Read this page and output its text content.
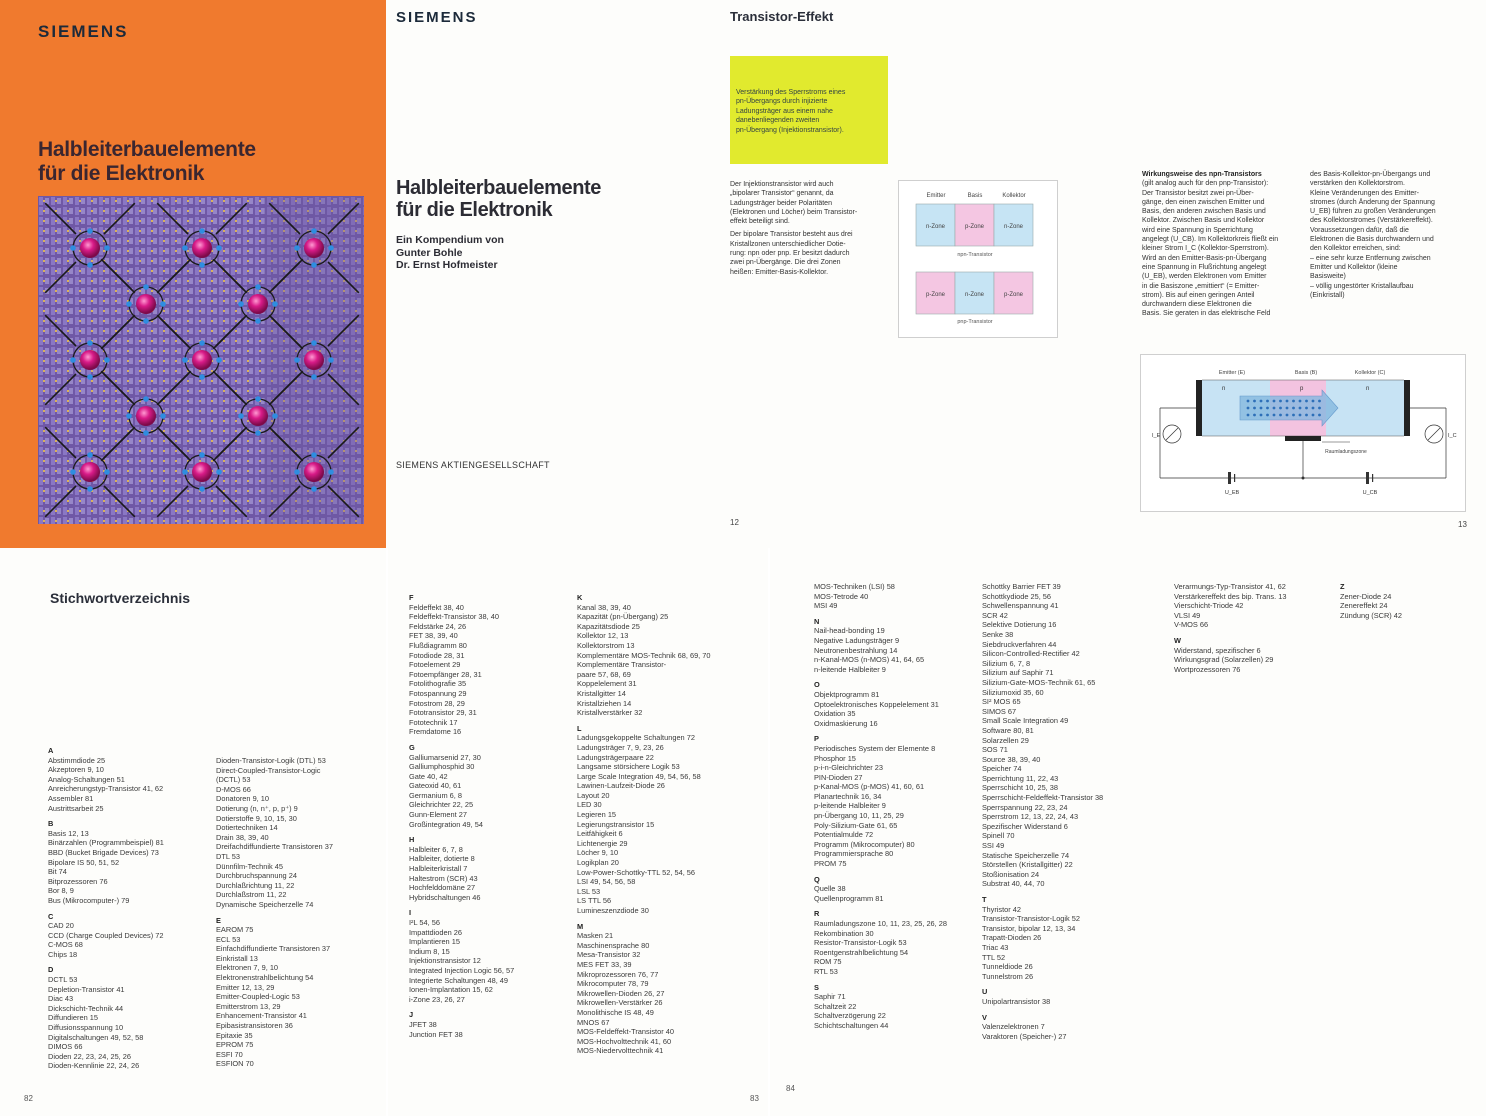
SIEMENS
Halbleiterbauelemente
für die Elektronik
SIEMENS
Halbleiterbauelemente
für die Elektronik
Ein Kompendium von
Gunter Bohle
Dr. Ernst Hofmeister
SIEMENS AKTIENGESELLSCHAFT
Transistor-Effekt
Verstärkung des Sperrstroms eines
pn-Übergangs durch injizierte
Ladungsträger aus einem nahe
danebenliegenden zweiten
pn-Übergang (Injektionstransistor).
Der Injektionstransistor wird auch
„bipolarer Transistor“ genannt, da
Ladungsträger beider Polaritäten
(Elektronen und Löcher) beim Transistor-
effekt beteiligt sind.
Der bipolare Transistor besteht aus drei
Kristallzonen unterschiedlicher Dotie-
rung: npn oder pnp. Er besitzt dadurch
zwei pn-Übergänge. Die drei Zonen
heißen: Emitter-Basis-Kollektor.
Emitter	Basis	Kollektor
n-Zone	p-Zone	n-Zone
npn-Transistor
p-Zone	n-Zone	p-Zone
pnp-Transistor
12
Wirkungsweise des npn-Transistors
(gilt analog auch für den pnp-Transistor):
Der Transistor besitzt zwei pn-Über-
gänge, den einen zwischen Emitter und
Basis, den anderen zwischen Basis und
Kollektor. Zwischen Basis und Kollektor
wird eine Spannung in Sperrichtung
angelegt (U_CB). Im Kollektorkreis fließt ein
kleiner Strom I_C (Kollektor-Sperrstrom).
Wird an den Emitter-Basis-pn-Übergang
eine Spannung in Flußrichtung angelegt
(U_EB), werden Elektronen vom Emitter
in die Basiszone „emittiert“ (= Emitter-
strom). Bis auf einen geringen Anteil
durchwandern diese Elektronen die
Basis. Sie geraten in das elektrische Feld
des Basis-Kollektor-pn-Übergangs und
verstärken den Kollektorstrom.
Kleine Veränderungen des Emitter-
stromes (durch Änderung der Spannung
U_EB) führen zu großen Veränderungen
des Kollektorstromes (Verstärkereffekt).
Voraussetzungen dafür, daß die
Elektronen die Basis durchwandern und
den Kollektor erreichen, sind:
– eine sehr kurze Entfernung zwischen
Emitter und Kollektor (kleine
Basisweite)
– völlig ungestörter Kristallaufbau
(Einkristall)
Emitter (E)	Basis (B)	Kollektor (C)
n	p	n
Raumladungszone
I_E	I_C
U_EB	U_CB
13
Stichwortverzeichnis
A
Abstimmdiode 25
Akzeptoren 9, 10
Analog-Schaltungen 51
Anreicherungstyp-Transistor 41, 62
Assembler 81
Austrittsarbeit 25
B
Basis 12, 13
Binärzahlen (Programmbeispiel) 81
BBD (Bucket Brigade Devices) 73
Bipolare IS 50, 51, 52
Bit 74
Bitprozessoren 76
Bor 8, 9
Bus (Mikrocomputer-) 79
C
CAD 20
CCD (Charge Coupled Devices) 72
C-MOS 68
Chips 18
D
DCTL 53
Depletion-Transistor 41
Diac 43
Dickschicht-Technik 44
Diffundieren 15
Diffusionsspannung 10
Digitalschaltungen 49, 52, 58
DIMOS 66
Dioden 22, 23, 24, 25, 26
Dioden-Kennlinie 22, 24, 26
Dioden-Transistor-Logik (DTL) 53
Direct-Coupled-Transistor-Logic
(DCTL) 53
D-MOS 66
Donatoren 9, 10
Dotierung (n, n⁺, p, p⁺) 9
Dotierstoffe 9, 10, 15, 30
Dotiertechniken 14
Drain 38, 39, 40
Dreifachdiffundierte Transistoren 37
DTL 53
Dünnfilm-Technik 45
Durchbruchspannung 24
Durchlaßrichtung 11, 22
Durchlaßstrom 11, 22
Dynamische Speicherzelle 74
E
EAROM 75
ECL 53
Einfachdiffundierte Transistoren 37
Einkristall 13
Elektronen 7, 9, 10
Elektronenstrahlbelichtung 54
Emitter 12, 13, 29
Emitter-Coupled-Logic 53
Emitterstrom 13, 29
Enhancement-Transistor 41
Epibasistransistoren 36
Epitaxie 35
EPROM 75
ESFI 70
ESFION 70
82
F
Feldeffekt 38, 40
Feldeffekt-Transistor 38, 40
Feldstärke 24, 26
FET 38, 39, 40
Flußdiagramm 80
Fotodiode 28, 31
Fotoelement 29
Fotoempfänger 28, 31
Fotolithografie 35
Fotospannung 29
Fotostrom 28, 29
Fototransistor 29, 31
Fototechnik 17
Fremdatome 16
G
Galliumarsenid 27, 30
Galliumphosphid 30
Gate 40, 42
Gateoxid 40, 61
Germanium 6, 8
Gleichrichter 22, 25
Gunn-Element 27
Großintegration 49, 54
H
Halbleiter 6, 7, 8
Halbleiter, dotierte 8
Halbleiterkristall 7
Haltestrom (SCR) 43
Hochfelddomäne 27
Hybridschaltungen 46
I
I²L 54, 56
Impattdioden 26
Implantieren 15
Indium 8, 15
Injektionstransistor 12
Integrated Injection Logic 56, 57
Integrierte Schaltungen 48, 49
Ionen-Implantation 15, 62
i-Zone 23, 26, 27
J
JFET 38
Junction FET 38
K
Kanal 38, 39, 40
Kapazität (pn-Übergang) 25
Kapazitätsdiode 25
Kollektor 12, 13
Kollektorstrom 13
Komplementäre MOS-Technik 68, 69, 70
Komplementäre Transistor-
paare 57, 68, 69
Koppelelement 31
Kristallgitter 14
Kristallziehen 14
Kristallverstärker 32
L
Ladungsgekoppelte Schaltungen 72
Ladungsträger 7, 9, 23, 26
Ladungsträgerpaare 22
Langsame störsichere Logik 53
Large Scale Integration 49, 54, 56, 58
Lawinen-Laufzeit-Diode 26
Layout 20
LED 30
Legieren 15
Legierungstransistor 15
Leitfähigkeit 6
Lichtenergie 29
Löcher 9, 10
Logikplan 20
Low-Power-Schottky-TTL 52, 54, 56
LSI 49, 54, 56, 58
LSL 53
LS TTL 56
Lumineszenzdiode 30
M
Masken 21
Maschinensprache 80
Mesa-Transistor 32
MES FET 33, 39
Mikroprozessoren 76, 77
Mikrocomputer 78, 79
Mikrowellen-Dioden 26, 27
Mikrowellen-Verstärker 26
Monolithische IS 48, 49
MNOS 67
MOS-Feldeffekt-Transistor 40
MOS-Hochvolttechnik 41, 60
MOS-Niedervolttechnik 41
83
MOS-Techniken (LSI) 58
MOS-Tetrode 40
MSI 49
N
Nail-head-bonding 19
Negative Ladungsträger 9
Neutronenbestrahlung 14
n-Kanal-MOS (n-MOS) 41, 64, 65
n-leitende Halbleiter 9
O
Objektprogramm 81
Optoelektronisches Koppelelement 31
Oxidation 35
Oxidmaskierung 16
P
Periodisches System der Elemente 8
Phosphor 15
p-i-n-Gleichrichter 23
PIN-Dioden 27
p-Kanal-MOS (p-MOS) 41, 60, 61
Planartechnik 16, 34
p-leitende Halbleiter 9
pn-Übergang 10, 11, 25, 29
Poly-Silizium-Gate 61, 65
Potentialmulde 72
Programm (Mikrocomputer) 80
Programmiersprache 80
PROM 75
Q
Quelle 38
Quellenprogramm 81
R
Raumladungszone 10, 11, 23, 25, 26, 28
Rekombination 30
Resistor-Transistor-Logik 53
Roentgenstrahlbelichtung 54
ROM 75
RTL 53
S
Saphir 71
Schaltzeit 22
Schaltverzögerung 22
Schichtschaltungen 44
Schottky Barrier FET 39
Schottkydiode 25, 56
Schwellenspannung 41
SCR 42
Selektive Dotierung 16
Senke 38
Siebdruckverfahren 44
Silicon-Controlled-Rectifier 42
Silizium 6, 7, 8
Silizium auf Saphir 71
Silizium-Gate-MOS-Technik 61, 65
Siliziumoxid 35, 60
SI² MOS 65
SIMOS 67
Small Scale Integration 49
Software 80, 81
Solarzellen 29
SOS 71
Source 38, 39, 40
Speicher 74
Sperrichtung 11, 22, 43
Sperrschicht 10, 25, 38
Sperrschicht-Feldeffekt-Transistor 38
Sperrspannung 22, 23, 24
Sperrstrom 12, 13, 22, 24, 43
Spezifischer Widerstand 6
Spinell 70
SSI 49
Statische Speicherzelle 74
Störstellen (Kristallgitter) 22
Stoßionisation 24
Substrat 40, 44, 70
T
Thyristor 42
Transistor-Transistor-Logik 52
Transistor, bipolar 12, 13, 34
Trapatt-Dioden 26
Triac 43
TTL 52
Tunneldiode 26
Tunnelstrom 26
U
Unipolartransistor 38
V
Valenzelektronen 7
Varaktoren (Speicher-) 27
Verarmungs-Typ-Transistor 41, 62
Verstärkereffekt des bip. Trans. 13
Vierschicht-Triode 42
VLSI 49
V-MOS 66
W
Widerstand, spezifischer 6
Wirkungsgrad (Solarzellen) 29
Wortprozessoren 76
Z
Zener-Diode 24
Zenereffekt 24
Zündung (SCR) 42
84
